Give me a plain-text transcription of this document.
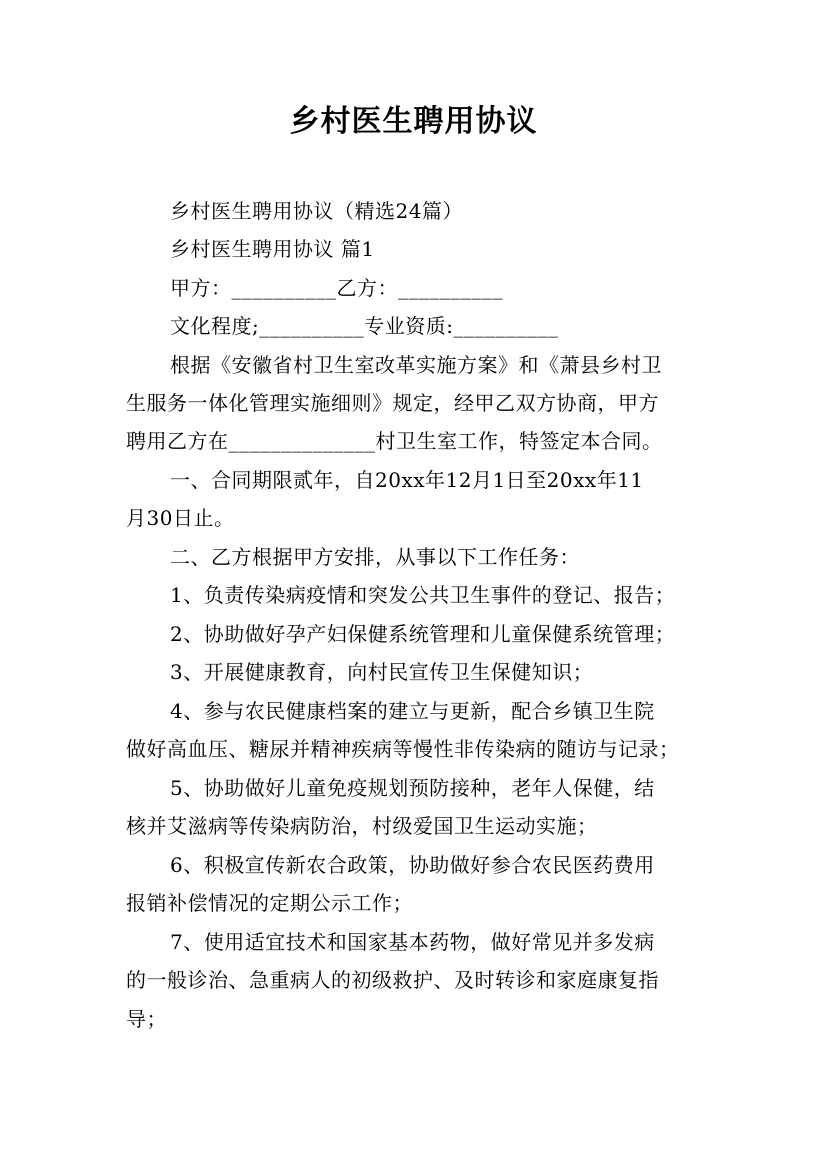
乡村医生聘用协议
乡村医生聘用协议（精选24篇）
乡村医生聘用协议 篇1
甲方：__________乙方：__________
文化程度;__________专业资质:__________
根据《安徽省村卫生室改革实施方案》和《萧县乡村卫
生服务一体化管理实施细则》规定，经甲乙双方协商，甲方
聘用乙方在______________村卫生室工作，特签定本合同。
一、合同期限贰年，自20xx年12月1日至20xx年11
月30日止。
二、乙方根据甲方安排，从事以下工作任务：
1、负责传染病疫情和突发公共卫生事件的登记、报告；
2、协助做好孕产妇保健系统管理和儿童保健系统管理；
3、开展健康教育，向村民宣传卫生保健知识；
4、参与农民健康档案的建立与更新，配合乡镇卫生院
做好高血压、糖尿并精神疾病等慢性非传染病的随访与记录；
5、协助做好儿童免疫规划预防接种，老年人保健，结
核并艾滋病等传染病防治，村级爱国卫生运动实施；
6、积极宣传新农合政策，协助做好参合农民医药费用
报销补偿情况的定期公示工作；
7、使用适宜技术和国家基本药物，做好常见并多发病
的一般诊治、急重病人的初级救护、及时转诊和家庭康复指
导；
